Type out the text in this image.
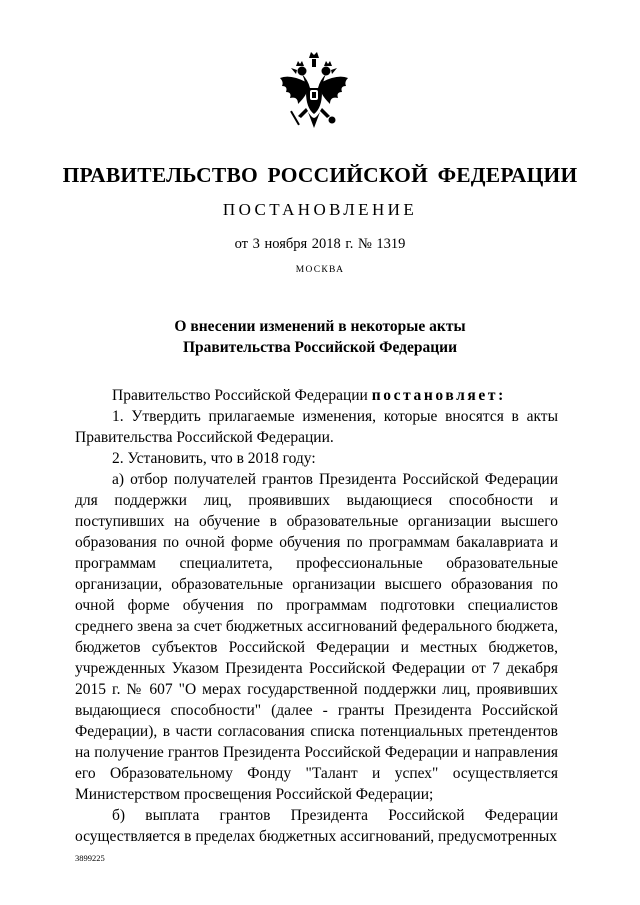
ПРАВИТЕЛЬСТВО РОССИЙСКОЙ ФЕДЕРАЦИИ
ПОСТАНОВЛЕНИЕ
от 3 ноября 2018 г. № 1319
МОСКВА
О внесении изменений в некоторые акты
Правительства Российской Федерации

Правительство Российской Федерации постановляет:

1. Утвердить прилагаемые изменения, которые вносятся в акты Правительства Российской Федерации.

2. Установить, что в 2018 году:

а) отбор получателей грантов Президента Российской Федерации для поддержки лиц, проявивших выдающиеся способности и поступивших на обучение в образовательные организации высшего образования по очной форме обучения по программам бакалавриата и программам специалитета, профессиональные образовательные организации, образовательные организации высшего образования по очной форме обучения по программам подготовки специалистов среднего звена за счет бюджетных ассигнований федерального бюджета, бюджетов субъектов Российской Федерации и местных бюджетов, учрежденных Указом Президента Российской Федерации от 7 декабря 2015 г. № 607 "О мерах государственной поддержки лиц, проявивших выдающиеся способности" (далее - гранты Президента Российской Федерации), в части согласования списка потенциальных претендентов на получение грантов Президента Российской Федерации и направления его Образовательному Фонду "Талант и успех" осуществляется Министерством просвещения Российской Федерации;

б) выплата грантов Президента Российской Федерации осуществляется в пределах бюджетных ассигнований, предусмотренных

3899225
